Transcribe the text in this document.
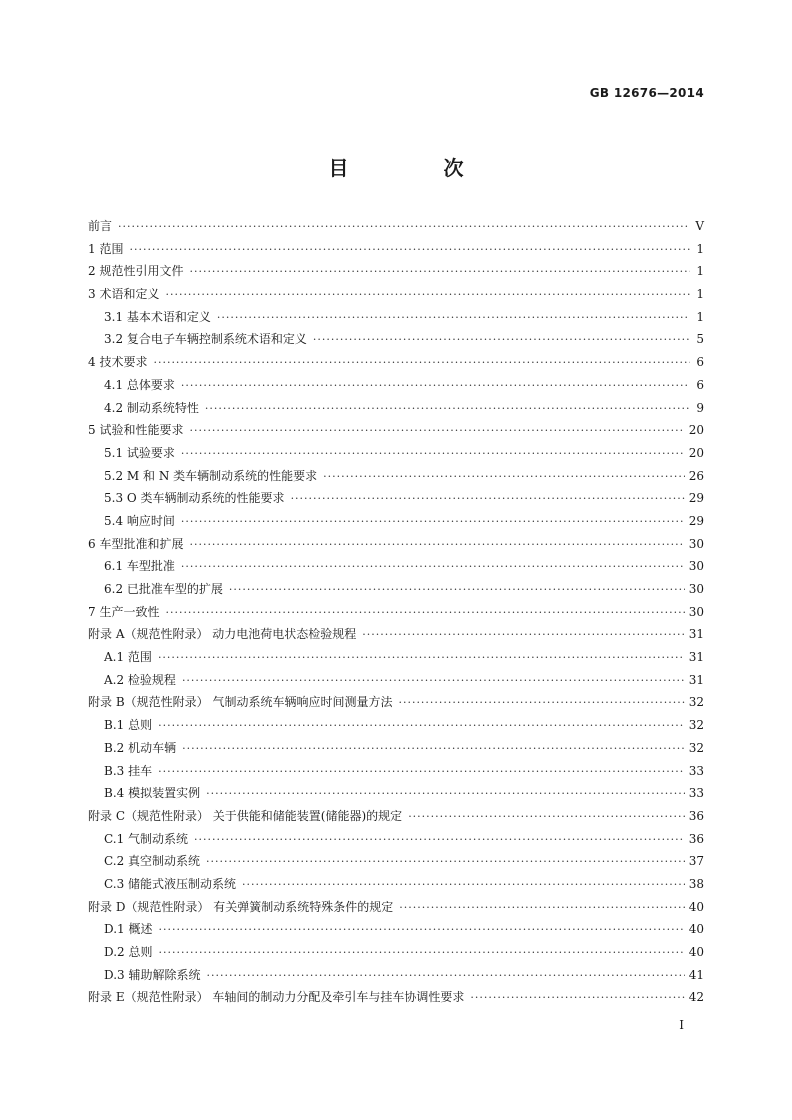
GB 12676—2014
目 次
前言 ·····	V
1 范围 ·····	1
2 规范性引用文件 ·····	1
3 术语和定义 ·····	1
3.1 基本术语和定义 ·····	1
3.2 复合电子车辆控制系统术语和定义 ·····	5
4 技术要求 ·····	6
4.1 总体要求 ·····	6
4.2 制动系统特性 ·····	9
5 试验和性能要求 ·····	20
5.1 试验要求 ·····	20
5.2 M 和 N 类车辆制动系统的性能要求 ·····	26
5.3 O 类车辆制动系统的性能要求 ·····	29
5.4 响应时间 ·····	29
6 车型批准和扩展 ·····	30
6.1 车型批准 ·····	30
6.2 已批准车型的扩展 ·····	30
7 生产一致性 ·····	30
附录 A（规范性附录） 动力电池荷电状态检验规程 ·····	31
A.1 范围 ·····	31
A.2 检验规程 ·····	31
附录 B（规范性附录） 气制动系统车辆响应时间测量方法 ·····	32
B.1 总则 ·····	32
B.2 机动车辆 ·····	32
B.3 挂车 ·····	33
B.4 模拟装置实例 ·····	33
附录 C（规范性附录） 关于供能和储能装置(储能器)的规定 ·····	36
C.1 气制动系统 ·····	36
C.2 真空制动系统 ·····	37
C.3 储能式液压制动系统 ·····	38
附录 D（规范性附录） 有关弹簧制动系统特殊条件的规定 ·····	40
D.1 概述 ·····	40
D.2 总则 ·····	40
D.3 辅助解除系统 ·····	41
附录 E（规范性附录） 车轴间的制动力分配及牵引车与挂车协调性要求 ·····	42
I
